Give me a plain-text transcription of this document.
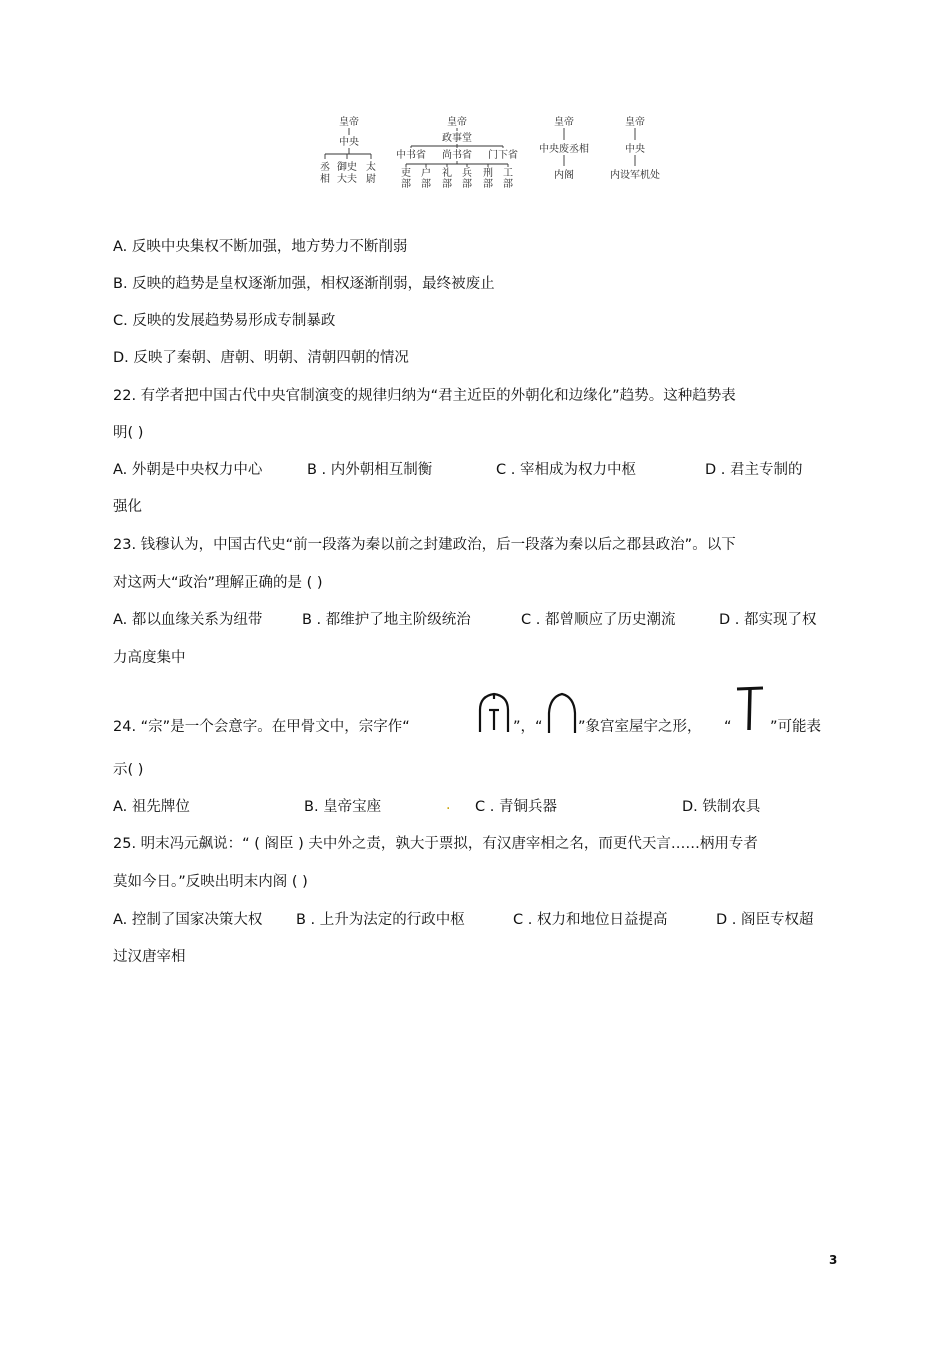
皇帝
中央
丞
相
御史
大夫
太
尉
皇帝
政事堂
中书省 尚书省 门下省
吏
部
户
部
礼
部
兵
部
刑
部
工
部
皇帝
中央废丞相
内阁
皇帝
中央
内设军机处
A. 反映中央集权不断加强，地方势力不断削弱
B. 反映的趋势是皇权逐渐加强，相权逐渐削弱，最终被废止
C. 反映的发展趋势易形成专制暴政
D. 反映了秦朝、唐朝、明朝、清朝四朝的情况
22. 有学者把中国古代中央官制演变的规律归纳为“君主近臣的外朝化和边缘化”趋势。这种趋势表
明( )
A. 外朝是中央权力中心	B . 内外朝相互制衡	C . 宰相成为权力中枢	D . 君主专制的
强化
23. 钱穆认为，中国古代史“前一段落为秦以前之封建政治，后一段落为秦以后之郡县政治”。以下
对这两大“政治”理解正确的是 ( )
A. 都以血缘关系为纽带	B . 都维护了地主阶级统治	C . 都曾顺应了历史潮流	D . 都实现了权
力高度集中
24. “宗”是一个会意字。在甲骨文中，宗字作“	”，“ ”象宫室屋宇之形， “	”可能表
示( )
A. 祖先牌位	B. 皇帝宝座	. C . 青铜兵器	D. 铁制农具
25. 明末冯元飙说：“ ( 阁臣 ) 夫中外之责，孰大于票拟，有汉唐宰相之名，而更代天言……柄用专者
莫如今日。”反映出明末内阁 ( )
A. 控制了国家决策大权 B . 上升为法定的行政中枢	C . 权力和地位日益提高	D . 阁臣专权超
过汉唐宰相
3
